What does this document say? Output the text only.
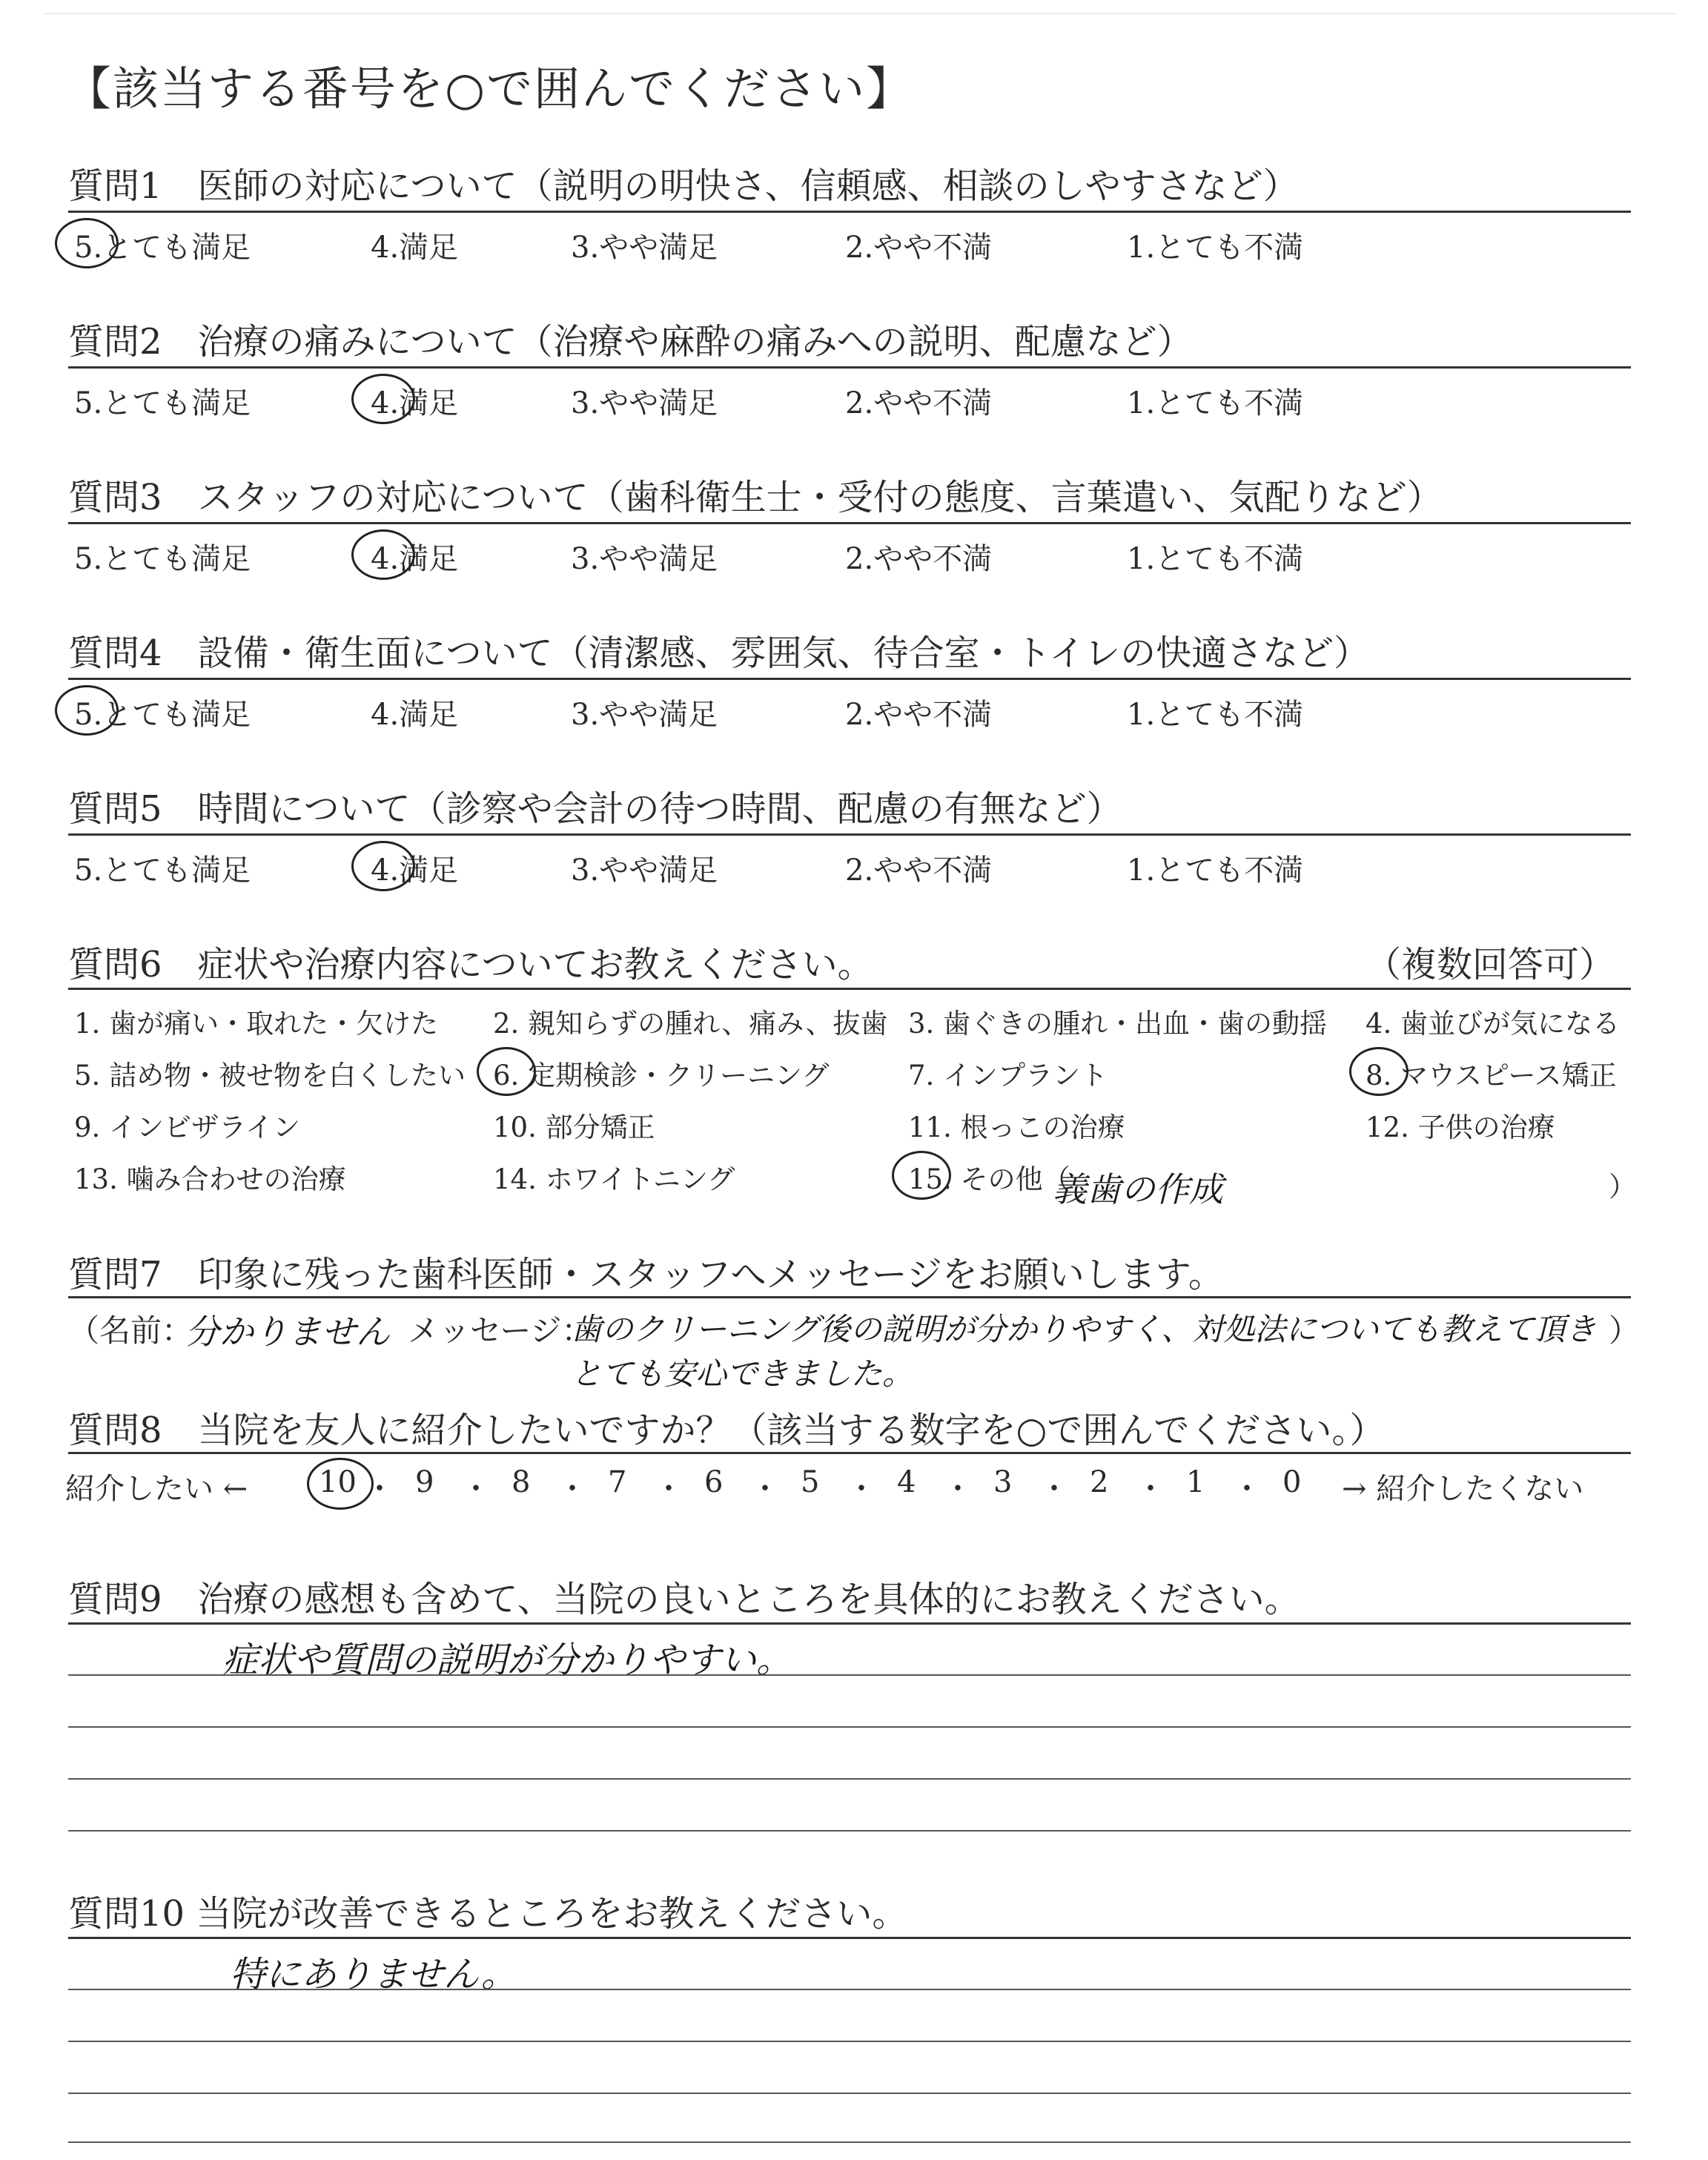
【該当する番号を○で囲んでください】
質問1　医師の対応について（説明の明快さ、信頼感、相談のしやすさなど）
5.とても満足	4.満足	3.やや満足	2.やや不満	1.とても不満
質問2　治療の痛みについて（治療や麻酔の痛みへの説明、配慮など）
5.とても満足	4.満足	3.やや満足	2.やや不満	1.とても不満
質問3　スタッフの対応について（歯科衛生士・受付の態度、言葉遣い、気配りなど）
5.とても満足	4.満足	3.やや満足	2.やや不満	1.とても不満
質問4　設備・衛生面について（清潔感、雰囲気、待合室・トイレの快適さなど）
5.とても満足	4.満足	3.やや満足	2.やや不満	1.とても不満
質問5　時間について（診察や会計の待つ時間、配慮の有無など）
5.とても満足	4.満足	3.やや満足	2.やや不満	1.とても不満
質問6　症状や治療内容についてお教えください。	（複数回答可）
1. 歯が痛い・取れた・欠けた 2. 親知らずの腫れ、痛み、抜歯 3. 歯ぐきの腫れ・出血・歯の動揺 4. 歯並びが気になる
5. 詰め物・被せ物を白くしたい 6. 定期検診・クリーニング	7. インプラント	8. マウスピース矯正
9. インビザライン	10. 部分矯正	11. 根っこの治療	12. 子供の治療
13. 噛み合わせの治療	14. ホワイトニング	15. その他（
義歯の作成	）
質問7　印象に残った歯科医師・スタッフへメッセージをお願いします。
（名前：
分かりません メッセージ：
歯のクリーニング後の説明が分かりやすく、対処法についても教えて頂き
とても安心できました。
）
質問8　当院を友人に紹介したいですか？（該当する数字を○で囲んでください。）
紹介したい ← 10 ・ 9 ・ 8 ・ 7 ・ 6 ・ 5 ・ 4 ・ 3 ・ 2 ・ 1 ・ 0 → 紹介したくない
質問9　治療の感想も含めて、当院の良いところを具体的にお教えください。
症状や質問の説明が分かりやすい。
質問10 当院が改善できるところをお教えください。
特にありません。
